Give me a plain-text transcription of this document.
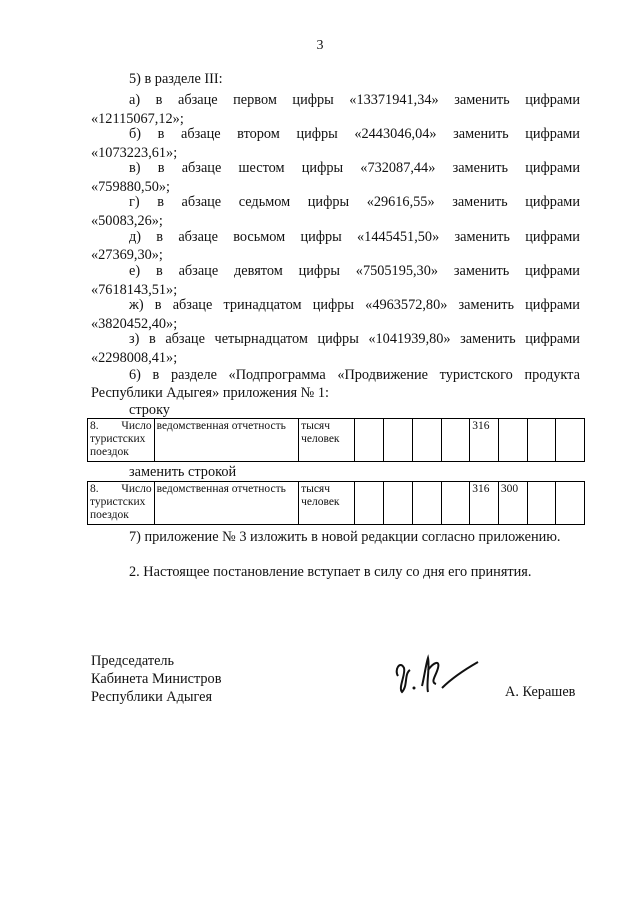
3
5) в разделе III:
а) в абзаце первом цифры «13371941,34» заменить цифрами
«12115067,12»;
б) в абзаце втором цифры «2443046,04» заменить цифрами
«1073223,61»;
в) в абзаце шестом цифры «732087,44» заменить цифрами
«759880,50»;
г) в абзаце седьмом цифры «29616,55» заменить цифрами
«50083,26»;
д) в абзаце восьмом цифры «1445451,50» заменить цифрами
«27369,30»;
е) в абзаце девятом цифры «7505195,30» заменить цифрами
«7618143,51»;
ж) в абзаце тринадцатом цифры «4963572,80» заменить цифрами
«3820452,40»;
з) в абзаце четырнадцатом цифры «1041939,80» заменить цифрами
«2298008,41»;
6) в разделе «Подпрограмма «Продвижение туристского продукта
Республики Адыгея» приложения № 1:
строку
8. Число
туристских
поездок
	ведомственная отчетность	тысяч человек					316			
заменить строкой
8. Число
туристских
поездок
	ведомственная отчетность	тысяч человек					316	300		
7) приложение № 3 изложить в новой редакции согласно приложению.
2. Настоящее постановление вступает в силу со дня его принятия.
Председатель
Кабинета Министров
Республики Адыгея	А. Керашев
